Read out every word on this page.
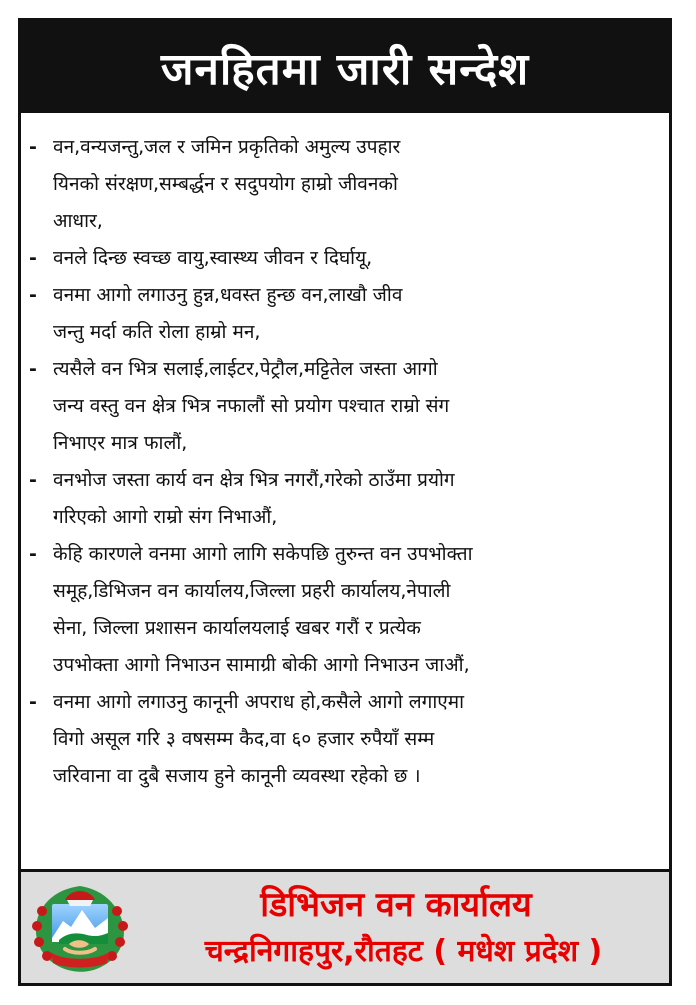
जनहितमा जारी सन्देश
- वन,वन्यजन्तु,जल र जमिन प्रकृतिको अमुल्य उपहार
यिनको संरक्षण,सम्बर्द्धन र सदुपयोग हाम्रो जीवनको
आधार,
- वनले दिन्छ स्वच्छ वायु,स्वास्थ्य जीवन र दिर्घायू,
- वनमा आगो लगाउनु हुन्न,धवस्त हुन्छ वन,लाखौ जीव
जन्तु मर्दा कति रोला हाम्रो मन,
- त्यसैले वन भित्र सलाई,लाईटर,पेट्रौल,मट्टितेल जस्ता आगो
जन्य वस्तु वन क्षेत्र भित्र नफालौं सो प्रयोग पश्चात राम्रो संग
निभाएर मात्र फालौं,
- वनभोज जस्ता कार्य वन क्षेत्र भित्र नगरौं,गरेको ठाउँमा प्रयोग
गरिएको आगो राम्रो संग निभाऔं,
- केहि कारणले वनमा आगो लागि सकेपछि तुरुन्त वन उपभोक्ता
समूह,डिभिजन वन कार्यालय,जिल्ला प्रहरी कार्यालय,नेपाली
सेना, जिल्ला प्रशासन कार्यालयलाई खबर गरौं र प्रत्येक
उपभोक्ता आगो निभाउन सामाग्री बोकी आगो निभाउन जाऔं,
- वनमा आगो लगाउनु कानूनी अपराध हो,कसैले आगो लगाएमा
विगो असूल गरि ३ वषसम्म कैद,वा ६० हजार रुपैयाँ सम्म
जरिवाना वा दुबै सजाय हुने कानूनी व्यवस्था रहेको छ ।
डिभिजन वन कार्यालय
चन्द्रनिगाहपुर,रौतहट ( मधेश प्रदेश )
